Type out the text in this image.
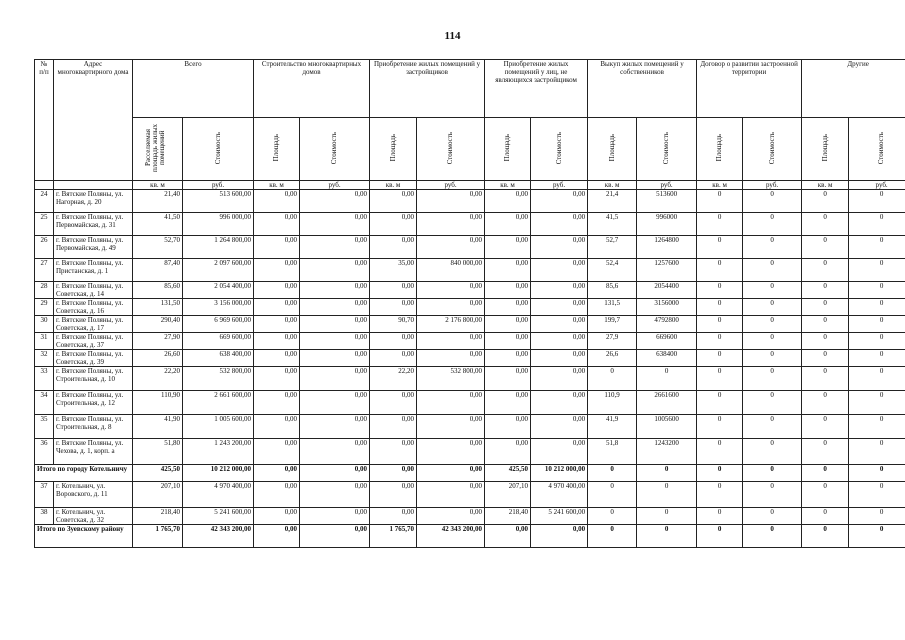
114
№ п/п	Адрес многоквартирного дома	Всего		Строительство многоквартирных домов		Приобретение жилых помещений у застройщиков		Приобретение жилых помещений у лиц, не являющихся застройщиком		Выкуп жилых помещений у собственников		Договор о развитии застроенной территории		Другие	
		Расселяемая площадь жилых помещений	Стоимость	Площадь	Стоимость	Площадь	Стоимость	Площадь	Стоимость	Площадь	Стоимость	Площадь	Стоимость	Площадь	Стоимость
		кв. м	руб.	кв. м	руб.	кв. м	руб.	кв. м	руб.	кв. м	руб.	кв. м	руб.	кв. м	руб.
24	г. Вятские Поляны, ул. Нагорная, д. 20	21,40	513 600,00	0,00	0,00	0,00	0,00	0,00	0,00	21,4	513600	0	0	0	0
25	г. Вятские Поляны, ул. Первомайская, д. 31	41,50	996 000,00	0,00	0,00	0,00	0,00	0,00	0,00	41,5	996000	0	0	0	0
26	г. Вятские Поляны, ул. Первомайская, д. 49	52,70	1 264 800,00	0,00	0,00	0,00	0,00	0,00	0,00	52,7	1264800	0	0	0	0
27	г. Вятские Поляны, ул. Пристанская, д. 1	87,40	2 097 600,00	0,00	0,00	35,00	840 000,00	0,00	0,00	52,4	1257600	0	0	0	0
28	г. Вятские Поляны, ул. Советская, д. 14	85,60	2 054 400,00	0,00	0,00	0,00	0,00	0,00	0,00	85,6	2054400	0	0	0	0
29	г. Вятские Поляны, ул. Советская, д. 16	131,50	3 156 000,00	0,00	0,00	0,00	0,00	0,00	0,00	131,5	3156000	0	0	0	0
30	г. Вятские Поляны, ул. Советская, д. 17	290,40	6 969 600,00	0,00	0,00	90,70	2 176 800,00	0,00	0,00	199,7	4792800	0	0	0	0
31	г. Вятские Поляны, ул. Советская, д. 37	27,90	669 600,00	0,00	0,00	0,00	0,00	0,00	0,00	27,9	669600	0	0	0	0
32	г. Вятские Поляны, ул. Советская, д. 39	26,60	638 400,00	0,00	0,00	0,00	0,00	0,00	0,00	26,6	638400	0	0	0	0
33	г. Вятские Поляны, ул. Строительная, д. 10	22,20	532 800,00	0,00	0,00	22,20	532 800,00	0,00	0,00	0	0	0	0	0	0
34	г. Вятские Поляны, ул. Строительная, д. 12	110,90	2 661 600,00	0,00	0,00	0,00	0,00	0,00	0,00	110,9	2661600	0	0	0	0
35	г. Вятские Поляны, ул. Строительная, д. 8	41,90	1 005 600,00	0,00	0,00	0,00	0,00	0,00	0,00	41,9	1005600	0	0	0	0
36	г. Вятские Поляны, ул. Чехова, д. 1, корп. а	51,80	1 243 200,00	0,00	0,00	0,00	0,00	0,00	0,00	51,8	1243200	0	0	0	0
Итого по городу Котельничу		425,50	10 212 000,00	0,00	0,00	0,00	0,00	425,50	10 212 000,00	0	0	0	0	0	0
37	г. Котельнич, ул. Воровского, д. 11	207,10	4 970 400,00	0,00	0,00	0,00	0,00	207,10	4 970 400,00	0	0	0	0	0	0
38	г. Котельнич, ул. Советская, д. 32	218,40	5 241 600,00	0,00	0,00	0,00	0,00	218,40	5 241 600,00	0	0	0	0	0	0
Итого по Зуевскому району		1 765,70	42 343 200,00	0,00	0,00	1 765,70	42 343 200,00	0,00	0,00	0	0	0	0	0	0
